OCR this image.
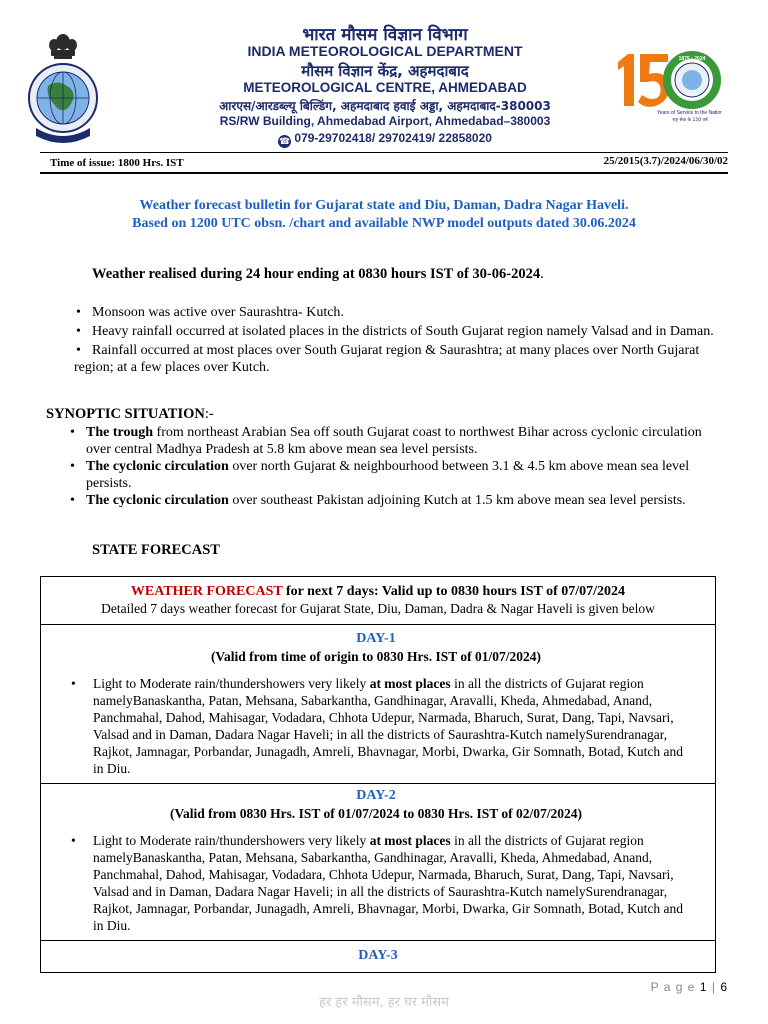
भारत मौसम विज्ञान विभाग
INDIA METEOROLOGICAL DEPARTMENT
मौसम विज्ञान केंद्र, अहमदाबाद
METEOROLOGICAL CENTRE, AHMEDABAD
आरएस/आरडब्ल्यू बिल्डिंग, अहमदाबाद हवाई अड्डा, अहमदाबाद-380003
RS/RW Building, Ahmedabad Airport, Ahmedabad–380003
☎ 079-29702418/ 29702419/ 22858020
1875 • 2024
Years of Service to the Nation
राष्ट्र सेवा के 150 वर्ष
Time of issue: 1800 Hrs. IST	25/2015(3.7)/2024/06/30/02
Weather forecast bulletin for Gujarat state and Diu, Daman, Dadra Nagar Haveli.
Based on 1200 UTC obsn. /chart and available NWP model outputs dated 30.06.2024
Weather realised during 24 hour ending at 0830 hours IST of 30-06-2024.
• Monsoon was active over Saurashtra- Kutch.
• Heavy rainfall occurred at isolated places in the districts of South Gujarat region namely Valsad and in Daman.
• Rainfall occurred at most places over South Gujarat region & Saurashtra; at many places over North Gujarat region; at a few places over Kutch.
SYNOPTIC SITUATION:-
• The trough from northeast Arabian Sea off south Gujarat coast to northwest Bihar across cyclonic circulation over central Madhya Pradesh at 5.8 km above mean sea level persists.
• The cyclonic circulation over north Gujarat & neighbourhood between 3.1 & 4.5 km above mean sea level persists.
• The cyclonic circulation over southeast Pakistan adjoining Kutch at 1.5 km above mean sea level persists.
STATE FORECAST
WEATHER FORECAST for next 7 days: Valid up to 0830 hours IST of 07/07/2024
Detailed 7 days weather forecast for Gujarat State, Diu, Daman, Dadra & Nagar Haveli is given below
DAY-1
(Valid from time of origin to 0830 Hrs. IST of 01/07/2024)
• Light to Moderate rain/thundershowers very likely at most places in all the districts of Gujarat region namelyBanaskantha, Patan, Mehsana, Sabarkantha, Gandhinagar, Aravalli, Kheda, Ahmedabad, Anand, Panchmahal, Dahod, Mahisagar, Vodadara, Chhota Udepur, Narmada, Bharuch, Surat, Dang, Tapi, Navsari, Valsad and in Daman, Dadara Nagar Haveli; in all the districts of Saurashtra-Kutch namelySurendranagar, Rajkot, Jamnagar, Porbandar, Junagadh, Amreli, Bhavnagar, Morbi, Dwarka, Gir Somnath, Botad, Kutch and in Diu.
DAY-2
(Valid from 0830 Hrs. IST of 01/07/2024 to 0830 Hrs. IST of 02/07/2024)
• Light to Moderate rain/thundershowers very likely at most places in all the districts of Gujarat region namelyBanaskantha, Patan, Mehsana, Sabarkantha, Gandhinagar, Aravalli, Kheda, Ahmedabad, Anand, Panchmahal, Dahod, Mahisagar, Vodadara, Chhota Udepur, Narmada, Bharuch, Surat, Dang, Tapi, Navsari, Valsad and in Daman, Dadara Nagar Haveli; in all the districts of Saurashtra-Kutch namelySurendranagar, Rajkot, Jamnagar, Porbandar, Junagadh, Amreli, Bhavnagar, Morbi, Dwarka, Gir Somnath, Botad, Kutch and in Diu.
DAY-3
P a g e 1 | 6
हर हर मौसम, हर घर मौसम
